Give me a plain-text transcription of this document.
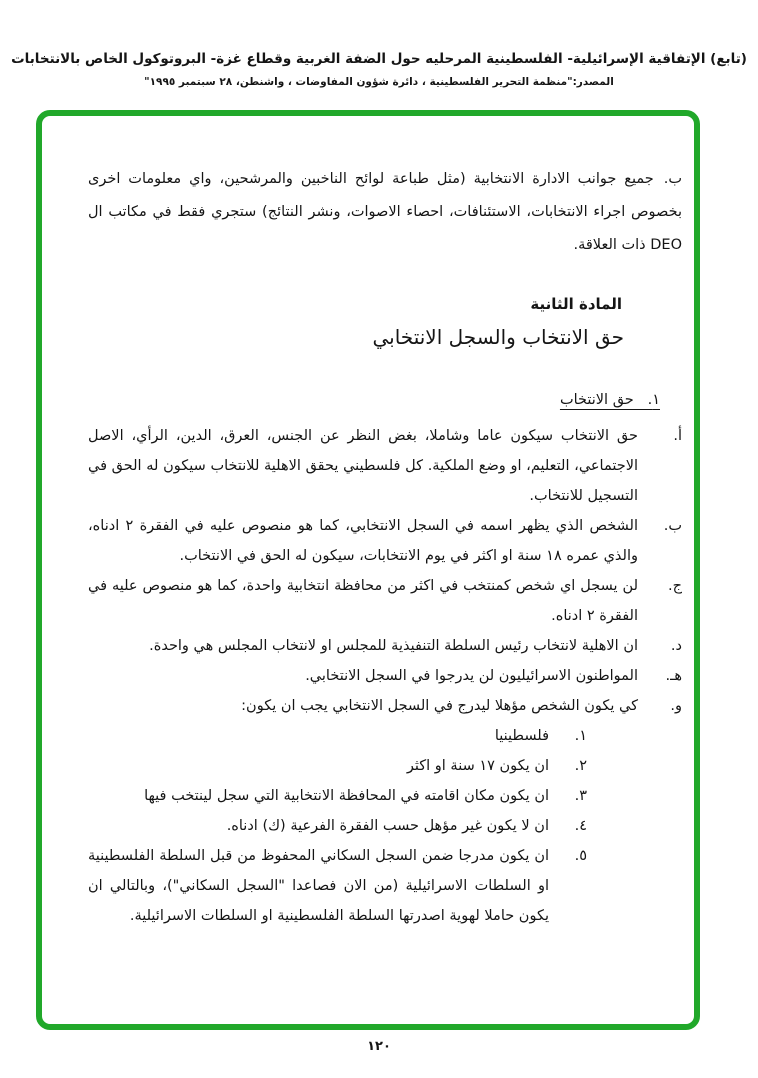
(تابع) الإتفاقية الإسرائيلية- الفلسطينية المرحليه حول الضفة الغربية وقطاع غزة- البروتوكول الخاص بالانتخابات
المصدر:"منظمة التحرير الفلسطينية ، دائرة شؤون المفاوضات ، واشنطن، ٢٨ سبتمبر ١٩٩٥"
ب.جميع جوانب الادارة الانتخابية (مثل طباعة لوائح الناخبين والمرشحين، واي معلومات اخرى بخصوص اجراء الانتخابات، الاستئنافات، احصاء الاصوات، ونشر النتائج) ستجري فقط في مكاتب ال DEO ذات العلاقة.
المادة الثانية
حق الانتخاب والسجل الانتخابي
١.   حق الانتخاب
أ.
حق الانتخاب سيكون عاما وشاملا، بغض النظر عن الجنس، العرق، الدين، الرأي، الاصل الاجتماعي، التعليم، او وضع الملكية. كل فلسطيني يحقق الاهلية للانتخاب سيكون له الحق في التسجيل للانتخاب.
ب.
الشخص الذي يظهر اسمه في السجل الانتخابي، كما هو منصوص عليه في الفقرة ٢ ادناه، والذي عمره ١٨ سنة او اكثر في يوم الانتخابات، سيكون له الحق في الانتخاب.
ج.
لن يسجل اي شخص كمنتخب في اكثر من محافظة انتخابية واحدة، كما هو منصوص عليه في الفقرة ٢ ادناه.
د.
ان الاهلية لانتخاب رئيس السلطة التنفيذية للمجلس او لانتخاب المجلس هي واحدة.
هـ.
المواطنون الاسرائيليون لن يدرجوا في السجل الانتخابي.
و.
كي يكون الشخص مؤهلا ليدرج في السجل الانتخابي يجب ان يكون:
١.
فلسطينيا
٢.
ان يكون ١٧ سنة او اكثر
٣.
ان يكون مكان اقامته في المحافظة الانتخابية التي سجل لينتخب فيها
٤.
ان لا يكون غير مؤهل حسب الفقرة الفرعية (ك) ادناه.
٥.
ان يكون مدرجا ضمن السجل السكاني المحفوظ من قبل السلطة الفلسطينية او السلطات الاسرائيلية (من الان فصاعدا "السجل السكاني")، وبالتالي ان يكون حاملا لهوية اصدرتها السلطة الفلسطينية او السلطات الاسرائيلية.
١٢٠
